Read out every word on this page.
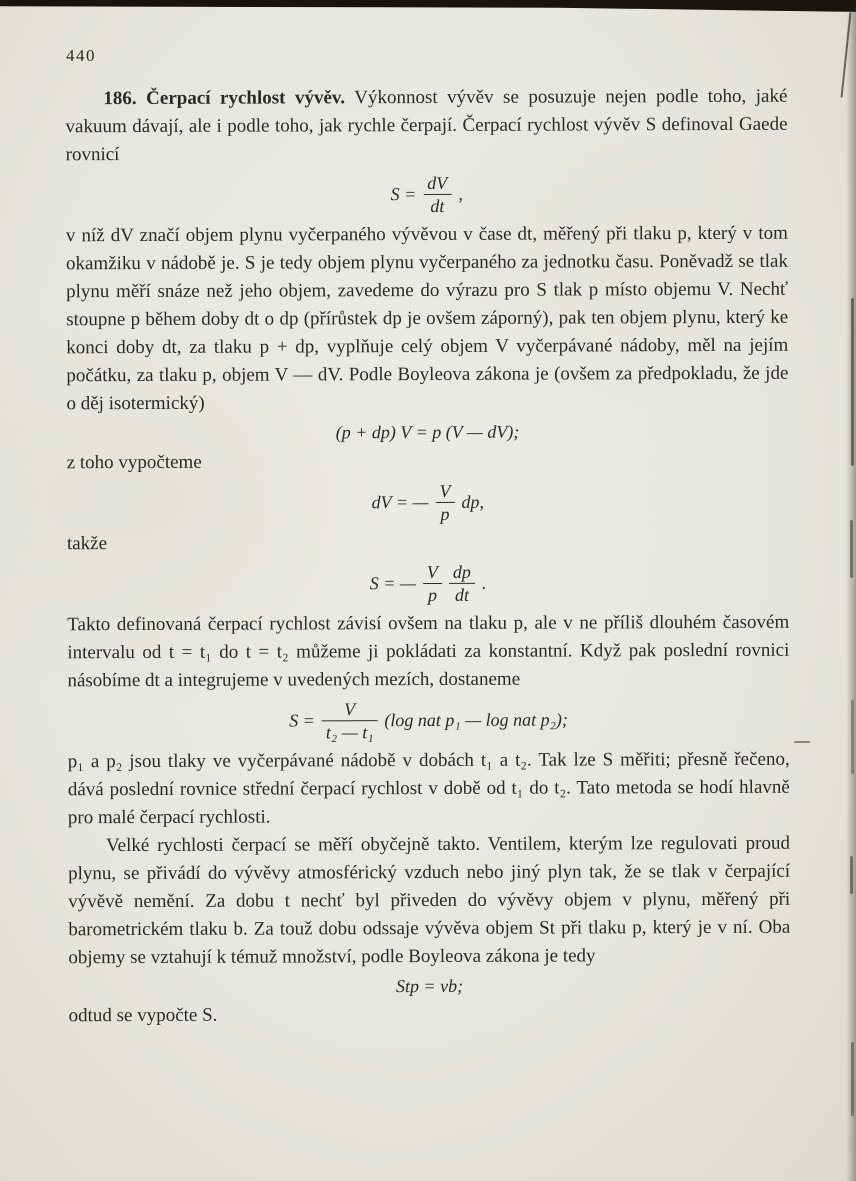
440

186. Čerpací rychlost vývěv. Výkonnost vývěv se posuzuje nejen podle toho, jaké vakuum dávají, ale i podle toho, jak rychle čerpají. Čerpací rychlost vývěv S definoval Gaede rovnicí

$S = \frac{dV}{dt}$ ,

v níž dV značí objem plynu vyčerpaného vývěvou v čase dt, měřený při tlaku p, který v tom okamžiku v nádobě je. S je tedy objem plynu vyčerpaného za jednotku času. Poněvadž se tlak plynu měří snáze než jeho objem, zavedeme do výrazu pro S tlak p místo objemu V. Nechť stoupne p během doby dt o dp (přírůstek dp je ovšem záporný), pak ten objem plynu, který ke konci doby dt, za tlaku p + dp, vyplňuje celý objem V vyčerpávané nádoby, měl na jejím počátku, za tlaku p, objem V — dV. Podle Boyleova zákona je (ovšem za předpokladu, že jde o děj isotermický)

(p + dp) V = p (V — dV);

z toho vypočteme

dV = — $\frac{V}{p}$ dp,

takže

S = — $\frac{V}{p} \frac{dp}{dt}$ .

Takto definovaná čerpací rychlost závisí ovšem na tlaku p, ale v ne příliš dlouhém časovém intervalu od t = t₁ do t = t₂ můžeme ji pokládati za konstantní. Když pak poslední rovnici násobíme dt a integrujeme v uvedených mezích, dostaneme

$S = \frac{V}{\text{t₂ — t₁}} (\log$ nat p₁ — log nat p₂);

p₁ a p₂ jsou tlaky ve vyčerpávané nádobě v dobách t₁ a t₂. Tak lze S měřiti; přesně řečeno, dává poslední rovnice střední čerpací rychlost v době od t₁ do t₂. Tato metoda se hodí hlavně pro malé čerpací rychlosti.

Velké rychlosti čerpací se měří obyčejně takto. Ventilem, kterým lze regulovati proud plynu, se přivádí do vývěvy atmosférický vzduch nebo jiný plyn tak, že se tlak v čerpající vývěvě nemění. Za dobu t nechť byl přiveden do vývěvy objem v plynu, měřený při barometrickém tlaku b. Za touž dobu odssaje vývěva objem St při tlaku p, který je v ní. Oba objemy se vztahují k témuž množství, podle Boyleova zákona je tedy

Stp = vb;

odtud se vypočte S.
